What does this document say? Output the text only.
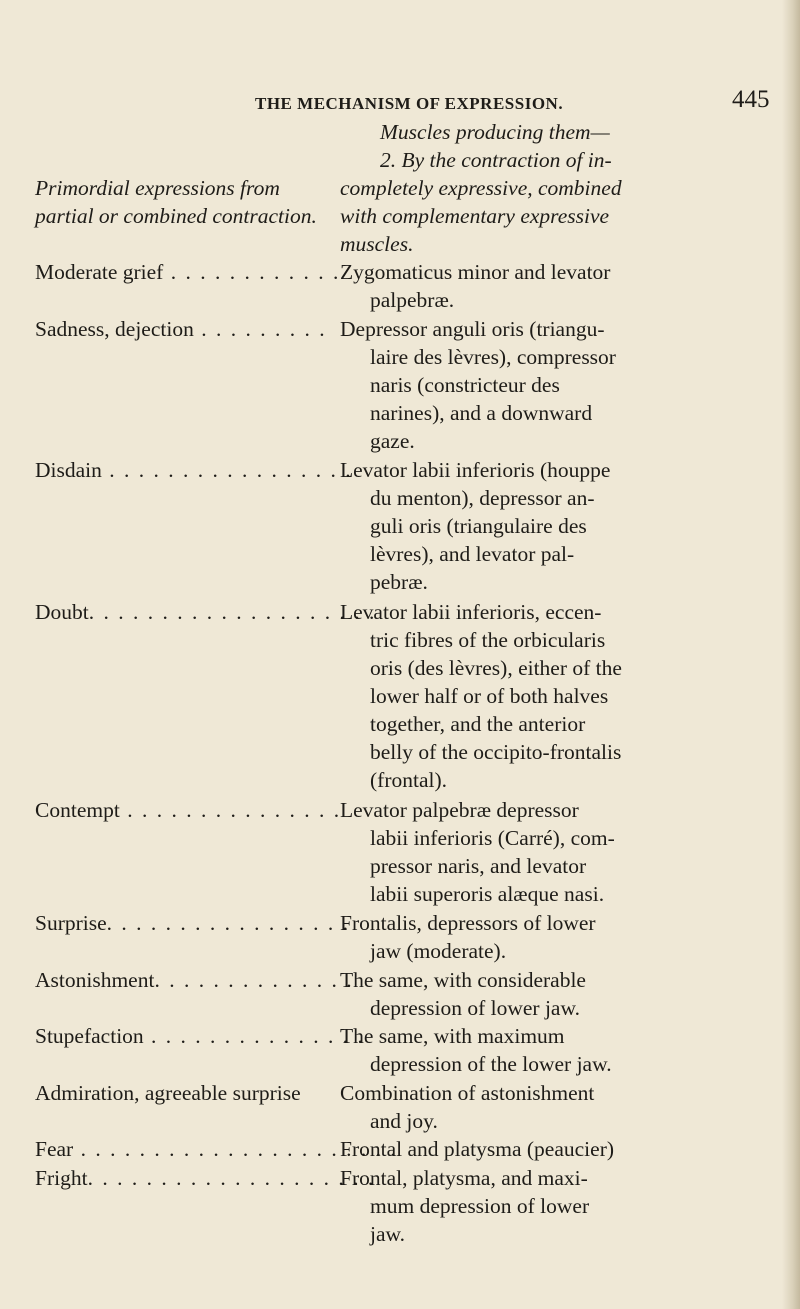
THE MECHANISM OF EXPRESSION.	445
Muscles producing them—
2. By the contraction of in-
completely expressive, combined
with complementary expressive
muscles.
Primordial expressions from
partial or combined contraction.
Moderate grief . . . . . . . . . . . . Zygomaticus minor and levator
palpebræ.
Sadness, dejection . . . . . . . . . Depressor anguli oris (triangu-
laire des lèvres), compressor
naris (constricteur des
narines), and a downward
gaze.
Disdain . . . . . . . . . . . . . . . . .
Levator labii inferioris (houppe
du menton), depressor an-
guli oris (triangulaire des
lèvres), and levator pal-
pebræ.
Doubt. . . . . . . . . . . . . . . . . . . .
Levator labii inferioris, eccen-
tric fibres of the orbicularis
oris (des lèvres), either of the
lower half or of both halves
together, and the anterior
belly of the occipito-frontalis
(frontal).
Contempt . . . . . . . . . . . . . . .
Levator palpebræ depressor
labii inferioris (Carré), com-
pressor naris, and levator
labii superoris alæque nasi.
Surprise. . . . . . . . . . . . . . . . .
Frontalis, depressors of lower
jaw (moderate).
Astonishment. . . . . . . . . . . . . .
The same, with considerable
depression of lower jaw.
Stupefaction . . . . . . . . . . . . . . .
The same, with maximum
depression of the lower jaw.
Admiration, agreeable surprise	Combination of astonishment
and joy.
Fear . . . . . . . . . . . . . . . . . . . . . .
Frontal and platysma (peaucier)
Fright. . . . . . . . . . . . . . . . . . . .
Frontal, platysma, and maxi-
mum depression of lower
jaw.
